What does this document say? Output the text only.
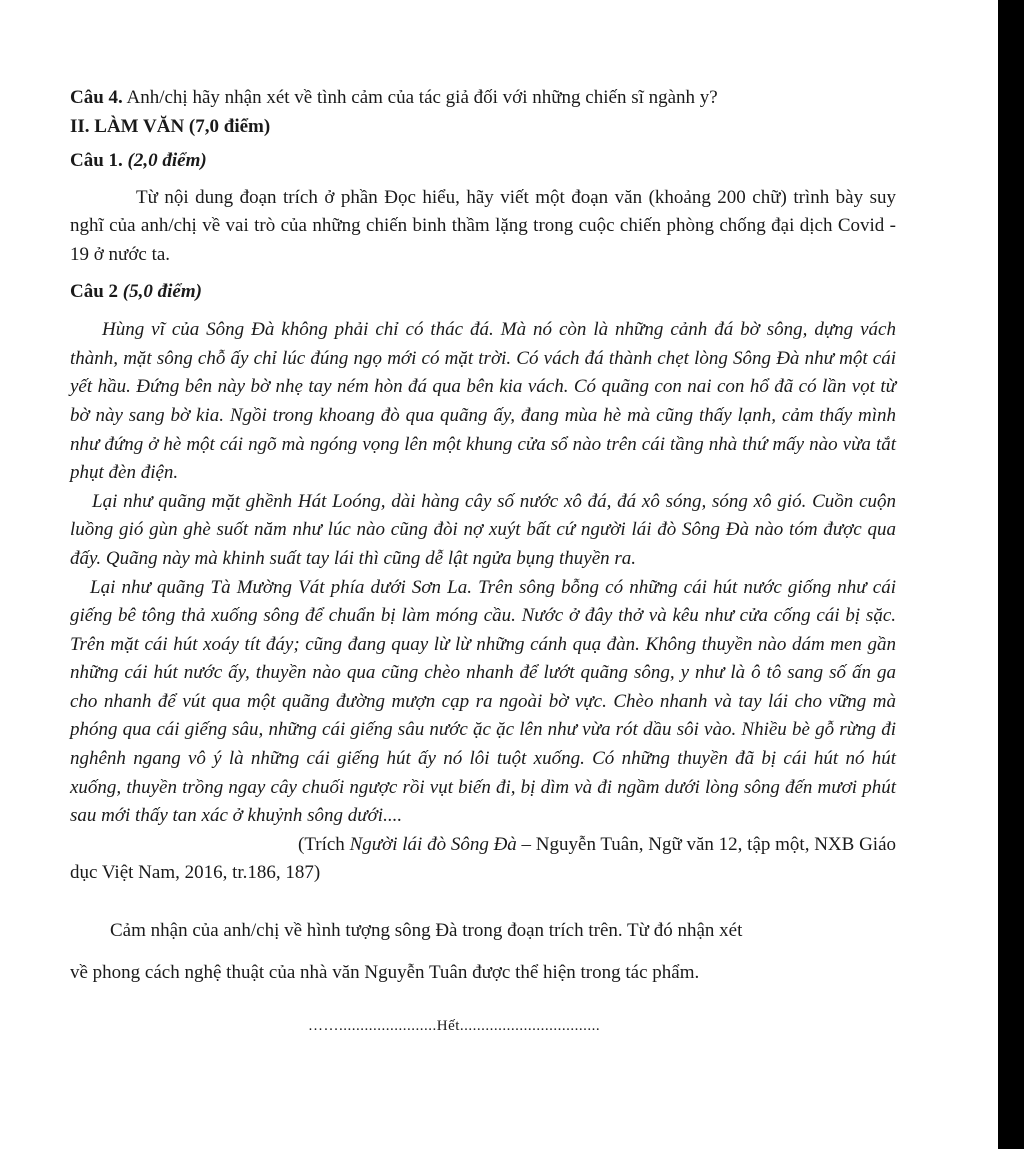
Câu 4. Anh/chị hãy nhận xét về tình cảm của tác giả đối với những chiến sĩ ngành y?

II. LÀM VĂN (7,0 điểm)

Câu 1. (2,0 điểm)

Từ nội dung đoạn trích ở phần Đọc hiểu, hãy viết một đoạn văn (khoảng 200 chữ) trình bày suy nghĩ của anh/chị về vai trò của những chiến binh thầm lặng trong cuộc chiến phòng chống đại dịch Covid - 19 ở nước ta.

Câu 2 (5,0 điểm)

Hùng vĩ của Sông Đà không phải chỉ có thác đá. Mà nó còn là những cảnh đá bờ sông, dựng vách thành, mặt sông chỗ ấy chỉ lúc đúng ngọ mới có mặt trời. Có vách đá thành chẹt lòng Sông Đà như một cái yết hầu. Đứng bên này bờ nhẹ tay ném hòn đá qua bên kia vách. Có quãng con nai con hổ đã có lần vọt từ bờ này sang bờ kia. Ngồi trong khoang đò qua quãng ấy, đang mùa hè mà cũng thấy lạnh, cảm thấy mình như đứng ở hè một cái ngõ mà ngóng vọng lên một khung cửa sổ nào trên cái tầng nhà thứ mấy nào vừa tắt phụt đèn điện.

Lại như quãng mặt ghềnh Hát Loóng, dài hàng cây số nước xô đá, đá xô sóng, sóng xô gió. Cuồn cuộn luồng gió gùn ghè suốt năm như lúc nào cũng đòi nợ xuýt bất cứ người lái đò Sông Đà nào tóm được qua đấy. Quãng này mà khinh suất tay lái thì cũng dễ lật ngửa bụng thuyền ra.

Lại như quãng Tà Mường Vát phía dưới Sơn La. Trên sông bỗng có những cái hút nước giống như cái giếng bê tông thả xuống sông để chuẩn bị làm móng cầu. Nước ở đây thở và kêu như cửa cống cái bị sặc. Trên mặt cái hút xoáy tít đáy; cũng đang quay lừ lừ những cánh quạ đàn. Không thuyền nào dám men gần những cái hút nước ấy, thuyền nào qua cũng chèo nhanh để lướt quãng sông, y như là ô tô sang số ấn ga cho nhanh để vút qua một quãng đường mượn cạp ra ngoài bờ vực. Chèo nhanh và tay lái cho vững mà phóng qua cái giếng sâu, những cái giếng sâu nước ặc ặc lên như vừa rót dầu sôi vào. Nhiều bè gỗ rừng đi nghênh ngang vô ý là những cái giếng hút ấy nó lôi tuột xuống. Có những thuyền đã bị cái hút nó hút xuống, thuyền trồng ngay cây chuối ngược rồi vụt biến đi, bị dìm và đi ngầm dưới lòng sông đến mươi phút sau mới thấy tan xác ở khuỷnh sông dưới....

(Trích Người lái đò Sông Đà – Nguyễn Tuân, Ngữ văn 12, tập một, NXB Giáo dục Việt Nam, 2016, tr.186, 187)

Cảm nhận của anh/chị về hình tượng sông Đà trong đoạn trích trên. Từ đó nhận xét
về phong cách nghệ thuật của nhà văn Nguyễn Tuân được thể hiện trong tác phẩm.
…….......................Hết.................................
